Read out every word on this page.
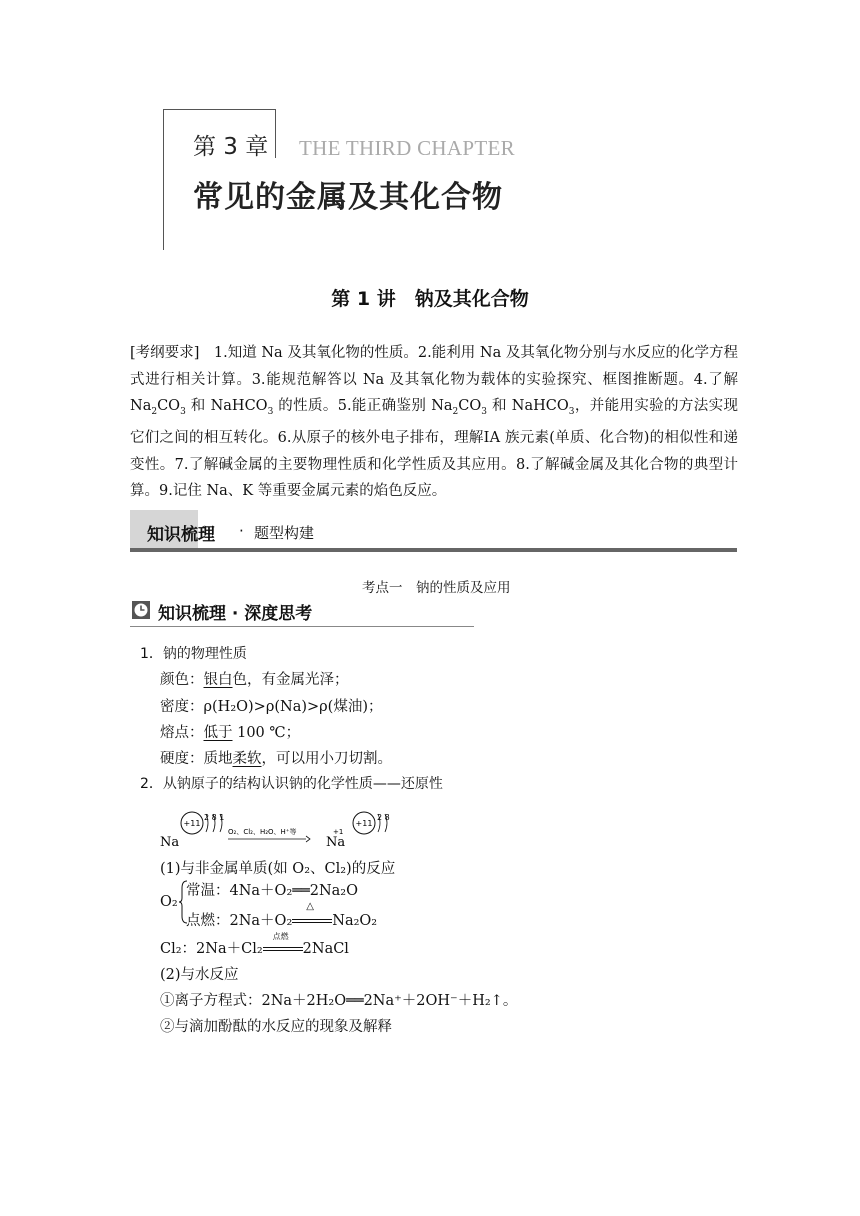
第 3 章 THE THIRD CHAPTER
常见的金属及其化合物
第 1 讲　钠及其化合物
[考纲要求]　1.知道 Na 及其氧化物的性质。2.能利用 Na 及其氧化物分别与水反应的化学方程式进行相关计算。3.能规范解答以 Na 及其氧化物为载体的实验探究、框图推断题。4.了解 $Na_2CO_3$ 和 NaHCO$_3$ 的性质。5.能正确鉴别 $Na_2CO_3$ 和 NaHCO$_3$，并能用实验的方法实现它们之间的相互转化。6.从原子的核外电子排布，理解ⅠA 族元素(单质、化合物)的相似性和递变性。7.了解碱金属的主要物理性质和化学性质及其应用。8.了解碱金属及其化合物的典型计算。9.记住 Na、K 等重要金属元素的焰色反应。
知识梳理 · 题型构建
考点一　钠的性质及应用
知识梳理 · 深度思考
1．钠的物理性质
颜色：银白色，有金属光泽；
密度：ρ(H₂O)>ρ(Na)>ρ(煤油)；
熔点：低于 100 ℃；
硬度：质地柔软，可以用小刀切割。
2．从钠原子的结构认识钠的化学性质——还原性
+11
2 8 1
Na
O₂、Cl₂、H₂O、H⁺等	+1
Na
+11
2 8
(1)与非金属单质(如 O₂、Cl₂)的反应
O₂
常温：4Na＋O₂══2Na₂O
点燃：2Na＋O₂
△
Na₂O₂
Cl₂：2Na＋Cl₂
点燃
2NaCl
(2)与水反应
①离子方程式：2Na＋2H₂O══2Na⁺＋2OH⁻＋H₂↑。
②与滴加酚酞的水反应的现象及解释
